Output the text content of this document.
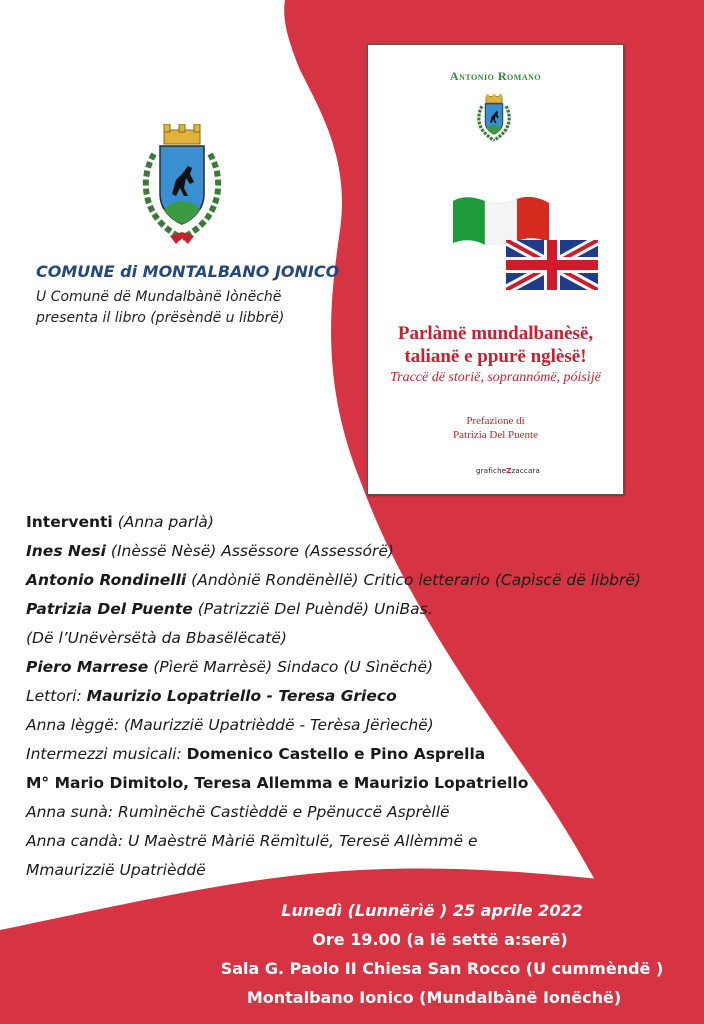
COMUNE di MONTALBANO JONICO
U Comunë dë Mundalbànë Iònëchë
presenta il libro (prësèndë u libbrë)
Antonio Romano
Parlàmë mundalbanèsë,
talianë e ppurë nglèsë!
Traccë dë storië, soprannómë, póisìjë
Prefazione di
Patrizia Del Puente
graficheZzaccara
Interventi (Anna parlà)
Ines Nesi (Inèssë Nèsë) Assëssore (Assessórë)
Antonio Rondinelli (Andònië Rondënèllë) Critico letterario (Capìscë dë libbrë)
Patrizia Del Puente (Patrizzië Del Puèndë) UniBas.
(Dë l’Unëvèrsëtà da Bbasëlëcatë)
Piero Marrese (Pìerë Marrèsë) Sindaco (U Sìnëchë)
Lettori: Maurizio Lopatriello - Teresa Grieco
Anna lèggë: (Maurizzië Upatrièddë - Terèsa Jërìechë)
Intermezzi musicali: Domenico Castello e Pino Asprella
M° Mario Dimitolo, Teresa Allemma e Maurizio Lopatriello
Anna sunà: Rumìnëchë Castièddë e Ppënuccë Asprèllë
Anna candà: U Maèstrë Màrië Rëmìtulë, Teresë Allèmmë e
Mmaurizzië Upatrièddë
Lunedì (Lunnërìë ) 25 aprile 2022
Ore 19.00 (a lë settë a:serë)
Sala G. Paolo II Chiesa San Rocco (U cummèndë )
Montalbano Ionico (Mundalbànë Ionëchë)
